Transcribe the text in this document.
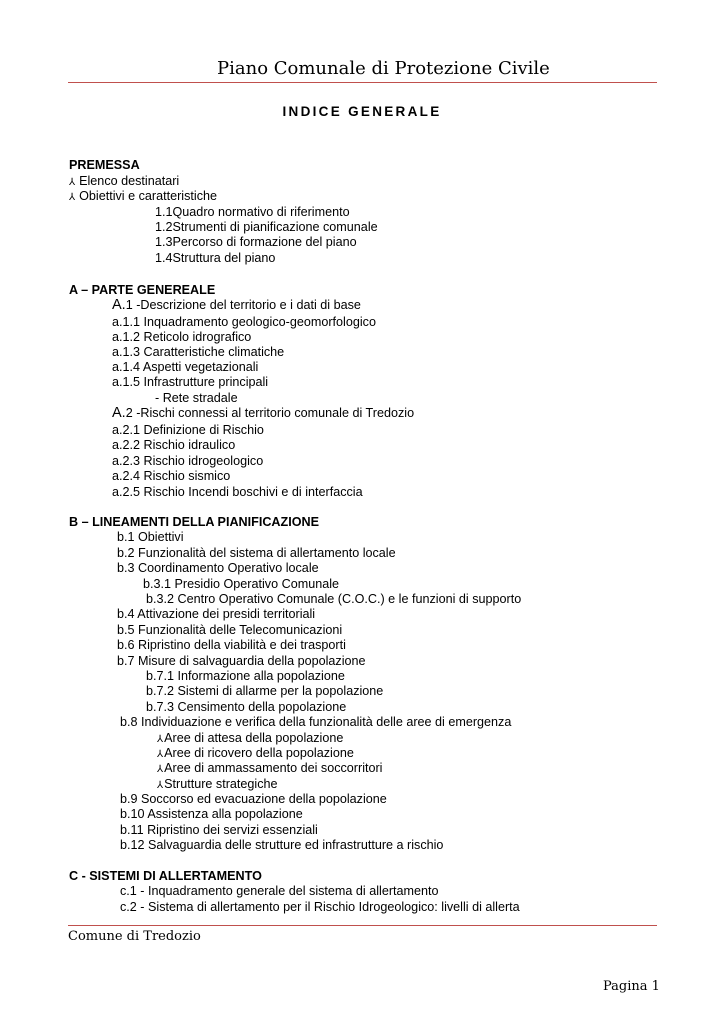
Piano Comunale di Protezione Civile
INDICE GENERALE
PREMESSA
⅄ Elenco destinatari
⅄ Obiettivi e caratteristiche
1.1Quadro normativo di riferimento
1.2Strumenti di pianificazione comunale
1.3Percorso di formazione del piano
1.4Struttura del piano
A – PARTE GENEREALE
A.1 -Descrizione del territorio e i dati di base
a.1.1 Inquadramento geologico-geomorfologico
a.1.2 Reticolo idrografico
a.1.3 Caratteristiche climatiche
a.1.4 Aspetti vegetazionali
a.1.5 Infrastrutture principali
- Rete stradale
A.2 -Rischi connessi al territorio comunale di Tredozio
a.2.1 Definizione di Rischio
a.2.2 Rischio idraulico
a.2.3 Rischio idrogeologico
a.2.4 Rischio sismico
a.2.5 Rischio Incendi boschivi e di interfaccia
B – LINEAMENTI DELLA PIANIFICAZIONE
b.1 Obiettivi
b.2 Funzionalità del sistema di allertamento locale
b.3 Coordinamento Operativo locale
b.3.1 Presidio Operativo Comunale
b.3.2 Centro Operativo Comunale (C.O.C.) e le funzioni di supporto
b.4 Attivazione dei presidi territoriali
b.5 Funzionalità delle Telecomunicazioni
b.6 Ripristino della viabilità e dei trasporti
b.7 Misure di salvaguardia della popolazione
b.7.1 Informazione alla popolazione
b.7.2 Sistemi di allarme per la popolazione
b.7.3 Censimento della popolazione
b.8 Individuazione e verifica della funzionalità delle aree di emergenza
⅄Aree di attesa della popolazione
⅄Aree di ricovero della popolazione
⅄Aree di ammassamento dei soccorritori
⅄Strutture strategiche
b.9 Soccorso ed evacuazione della popolazione
b.10 Assistenza alla popolazione
b.11 Ripristino dei servizi essenziali
b.12 Salvaguardia delle strutture ed infrastrutture a rischio
C - SISTEMI DI ALLERTAMENTO
c.1 - Inquadramento generale del sistema di allertamento
c.2 - Sistema di allertamento per il Rischio Idrogeologico: livelli di allerta
Comune di Tredozio
Pagina 1
